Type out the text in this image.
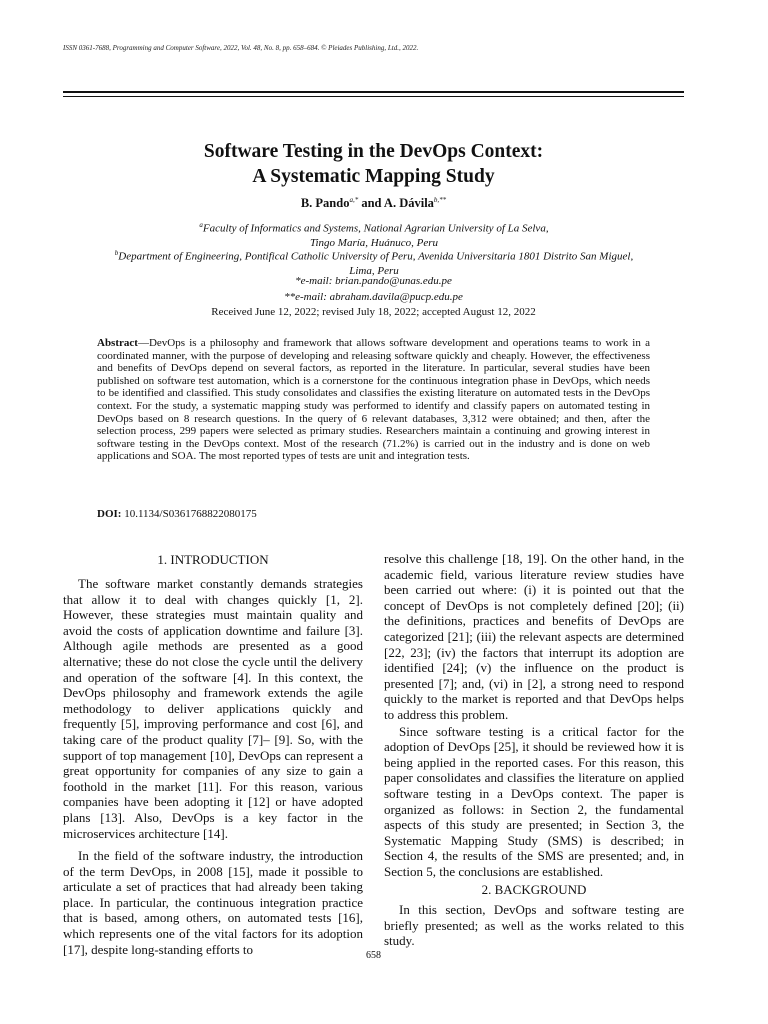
ISSN 0361-7688, Programming and Computer Software, 2022, Vol. 48, No. 8, pp. 658–684. © Pleiades Publishing, Ltd., 2022.
Software Testing in the DevOps Context:
A Systematic Mapping Study
B. Pando$^{a,*}$ and A. Dávila$^{b,**}$
$^a$Faculty of Informatics and Systems, National Agrarian University of La Selva,
Tingo María, Huánuco, Peru
$^b$Department of Engineering, Pontifical Catholic University of Peru, Avenida Universitaria 1801 Distrito San Miguel,
Lima, Peru
*e-mail: brian.pando@unas.edu.pe
**e-mail: abraham.davila@pucp.edu.pe
Received June 12, 2022; revised July 18, 2022; accepted August 12, 2022
Abstract—DevOps is a philosophy and framework that allows software development and operations teams to work in a coordinated manner, with the purpose of developing and releasing software quickly and cheaply. However, the effectiveness and benefits of DevOps depend on several factors, as reported in the literature. In particular, several studies have been published on software test automation, which is a cornerstone for the continuous integration phase in DevOps, which needs to be identified and classified. This study consolidates and classifies the existing literature on automated tests in the DevOps context. For the study, a systematic mapping study was performed to identify and classify papers on automated testing in DevOps based on 8 research questions. In the query of 6 relevant databases, 3,312 were obtained; and then, after the selection process, 299 papers were selected as primary studies. Researchers maintain a continuing and growing interest in software testing in the DevOps context. Most of the research (71.2%) is carried out in the industry and is done on web applications and SOA. The most reported types of tests are unit and integration tests.
DOI: 10.1134/S0361768822080175
1. INTRODUCTION

The software market constantly demands strategies that allow it to deal with changes quickly [1, 2]. However, these strategies must maintain quality and avoid the costs of application downtime and failure [3]. Although agile methods are presented as a good alternative; these do not close the cycle until the delivery and operation of the software [4]. In this context, the DevOps philosophy and framework extends the agile methodology to deliver applications quickly and frequently [5], improving performance and cost [6], and taking care of the product quality [7]– [9]. So, with the support of top management [10], DevOps can represent a great opportunity for companies of any size to gain a foothold in the market [11]. For this reason, various companies have been adopting it [12] or have adopted plans [13]. Also, DevOps is a key factor in the microservices architecture [14].

In the field of the software industry, the introduction of the term DevOps, in 2008 [15], made it possible to articulate a set of practices that had already been taking place. In particular, the continuous integration practice that is based, among others, on automated tests [16], which represents one of the vital factors for its adoption [17], despite long-standing efforts to

resolve this challenge [18, 19]. On the other hand, in the academic field, various literature review studies have been carried out where: (i) it is pointed out that the concept of DevOps is not completely defined [20]; (ii) the definitions, practices and benefits of DevOps are categorized [21]; (iii) the relevant aspects are determined [22, 23]; (iv) the factors that interrupt its adoption are identified [24]; (v) the influence on the product is presented [7]; and, (vi) in [2], a strong need to respond quickly to the market is reported and that DevOps helps to address this problem.

Since software testing is a critical factor for the adoption of DevOps [25], it should be reviewed how it is being applied in the reported cases. For this reason, this paper consolidates and classifies the literature on applied software testing in a DevOps context. The paper is organized as follows: in Section 2, the fundamental aspects of this study are presented; in Section 3, the Systematic Mapping Study (SMS) is described; in Section 4, the results of the SMS are presented; and, in Section 5, the conclusions are established.

2. BACKGROUND

In this section, DevOps and software testing are briefly presented; as well as the works related to this study.

658
